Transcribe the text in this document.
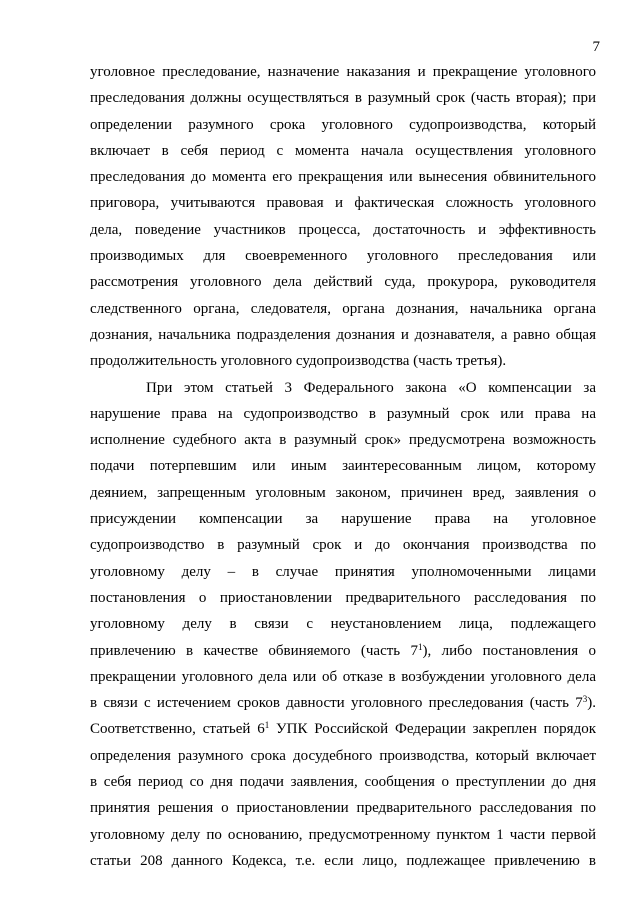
7
уголовное преследование, назначение наказания и прекращение уголовного
преследования должны осуществляться в разумный срок (часть вторая); при
определении разумного срока уголовного судопроизводства, который
включает в себя период с момента начала осуществления уголовного
преследования до момента его прекращения или вынесения обвинительного
приговора, учитываются правовая и фактическая сложность уголовного
дела, поведение участников процесса, достаточность и эффективность
производимых для своевременного уголовного преследования или
рассмотрения уголовного дела действий суда, прокурора, руководителя
следственного органа, следователя, органа дознания, начальника органа
дознания, начальника подразделения дознания и дознавателя, а равно общая
продолжительность уголовного судопроизводства (часть третья).
При этом статьей 3 Федерального закона «О компенсации за
нарушение права на судопроизводство в разумный срок или права на
исполнение судебного акта в разумный срок» предусмотрена возможность
подачи потерпевшим или иным заинтересованным лицом, которому
деянием, запрещенным уголовным законом, причинен вред, заявления о
присуждении компенсации за нарушение права на уголовное
судопроизводство в разумный срок и до окончания производства по
уголовному делу – в случае принятия уполномоченными лицами
постановления о приостановлении предварительного расследования по
уголовному делу в связи с неустановлением лица, подлежащего
привлечению в качестве обвиняемого (часть $7^1$), либо постановления о
прекращении уголовного дела или об отказе в возбуждении уголовного дела
в связи с истечением сроков давности уголовного преследования (часть $7^3$).
Соответственно, статьей $6^1$ УПК Российской Федерации закреплен порядок
определения разумного срока досудебного производства, который включает
в себя период со дня подачи заявления, сообщения о преступлении до дня
принятия решения о приостановлении предварительного расследования по
уголовному делу по основанию, предусмотренному пунктом 1 части первой
статьи 208 данного Кодекса, т.е. если лицо, подлежащее привлечению в
